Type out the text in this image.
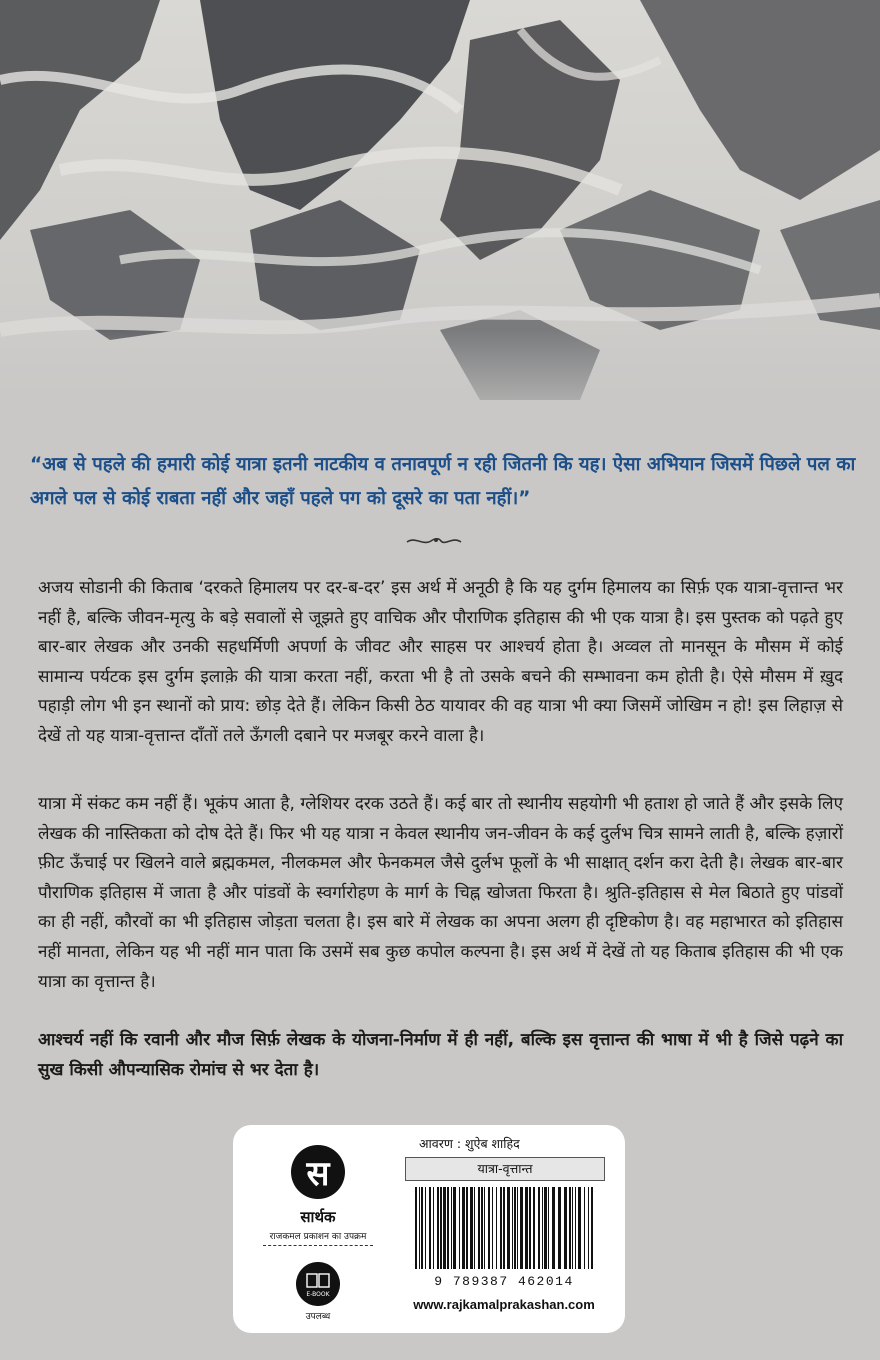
“अब से पहले की हमारी कोई यात्रा इतनी नाटकीय व तनावपूर्ण न रही जितनी कि यह। ऐसा अभियान जिसमें पिछले पल का अगले पल से कोई राबता नहीं और जहाँ पहले पग को दूसरे का पता नहीं।”

अजय सोडानी की किताब ‘दरकते हिमालय पर दर-ब-दर’ इस अर्थ में अनूठी है कि यह दुर्गम हिमालय का सिर्फ़ एक यात्रा-वृत्तान्त भर नहीं है, बल्कि जीवन-मृत्यु के बड़े सवालों से जूझते हुए वाचिक और पौराणिक इतिहास की भी एक यात्रा है। इस पुस्तक को पढ़ते हुए बार-बार लेखक और उनकी सहधर्मिणी अपर्णा के जीवट और साहस पर आश्चर्य होता है। अव्वल तो मानसून के मौसम में कोई सामान्य पर्यटक इस दुर्गम इलाक़े की यात्रा करता नहीं, करता भी है तो उसके बचने की सम्भावना कम होती है। ऐसे मौसम में ख़ुद पहाड़ी लोग भी इन स्थानों को प्राय: छोड़ देते हैं। लेकिन किसी ठेठ यायावर की वह यात्रा भी क्या जिसमें जोखिम न हो! इस लिहाज़ से देखें तो यह यात्रा-वृत्तान्त दाँतों तले ऊँगली दबाने पर मजबूर करने वाला है।

यात्रा में संकट कम नहीं हैं। भूकंप आता है, ग्लेशियर दरक उठते हैं। कई बार तो स्थानीय सहयोगी भी हताश हो जाते हैं और इसके लिए लेखक की नास्तिकता को दोष देते हैं। फिर भी यह यात्रा न केवल स्थानीय जन-जीवन के कई दुर्लभ चित्र सामने लाती है, बल्कि हज़ारों फ़ीट ऊँचाई पर खिलने वाले ब्रह्मकमल, नीलकमल और फेनकमल जैसे दुर्लभ फूलों के भी साक्षात् दर्शन करा देती है। लेखक बार-बार पौराणिक इतिहास में जाता है और पांडवों के स्वर्गारोहण के मार्ग के चिह्न खोजता फिरता है। श्रुति-इतिहास से मेल बिठाते हुए पांडवों का ही नहीं, कौरवों का भी इतिहास जोड़ता चलता है। इस बारे में लेखक का अपना अलग ही दृष्टिकोण है। वह महाभारत को इतिहास नहीं मानता, लेकिन यह भी नहीं मान पाता कि उसमें सब कुछ कपोल कल्पना है। इस अर्थ में देखें तो यह किताब इतिहास की भी एक यात्रा का वृत्तान्त है।

आश्चर्य नहीं कि रवानी और मौज सिर्फ़ लेखक के योजना-निर्माण में ही नहीं, बल्कि इस वृत्तान्त की भाषा में भी है जिसे पढ़ने का सुख किसी औपन्यासिक रोमांच से भर देता है।

स
सार्थक
राजकमल प्रकाशन का उपक्रम
E-BOOK
उपलब्ध
आवरण : शुऐब शाहिद
यात्रा-वृत्तान्त
9 789387 462014
www.rajkamalprakashan.com
